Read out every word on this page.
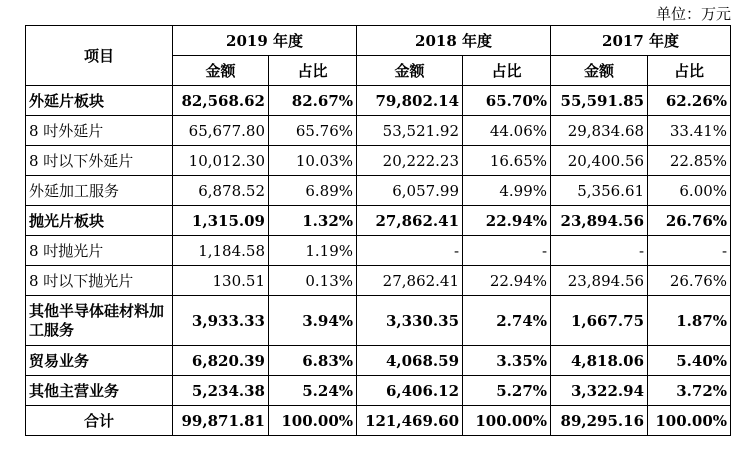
单位：万元
项目	2019 年度		2018 年度		2017 年度	
	金额	占比	金额	占比	金额	占比
外延片板块	82,568.62	82.67%	79,802.14	65.70%	55,591.85	62.26%
8 吋外延片	65,677.80	65.76%	53,521.92	44.06%	29,834.68	33.41%
8 吋以下外延片	10,012.30	10.03%	20,222.23	16.65%	20,400.56	22.85%
外延加工服务	6,878.52	6.89%	6,057.99	4.99%	5,356.61	6.00%
抛光片板块	1,315.09	1.32%	27,862.41	22.94%	23,894.56	26.76%
8 吋抛光片	1,184.58	1.19%	-	-	-	-
8 吋以下抛光片	130.51	0.13%	27,862.41	22.94%	23,894.56	26.76%
其他半导体硅材料加工服务	3,933.33	3.94%	3,330.35	2.74%	1,667.75	1.87%
贸易业务	6,820.39	6.83%	4,068.59	3.35%	4,818.06	5.40%
其他主营业务	5,234.38	5.24%	6,406.12	5.27%	3,322.94	3.72%
合计	99,871.81	100.00%	121,469.60	100.00%	89,295.16	100.00%
